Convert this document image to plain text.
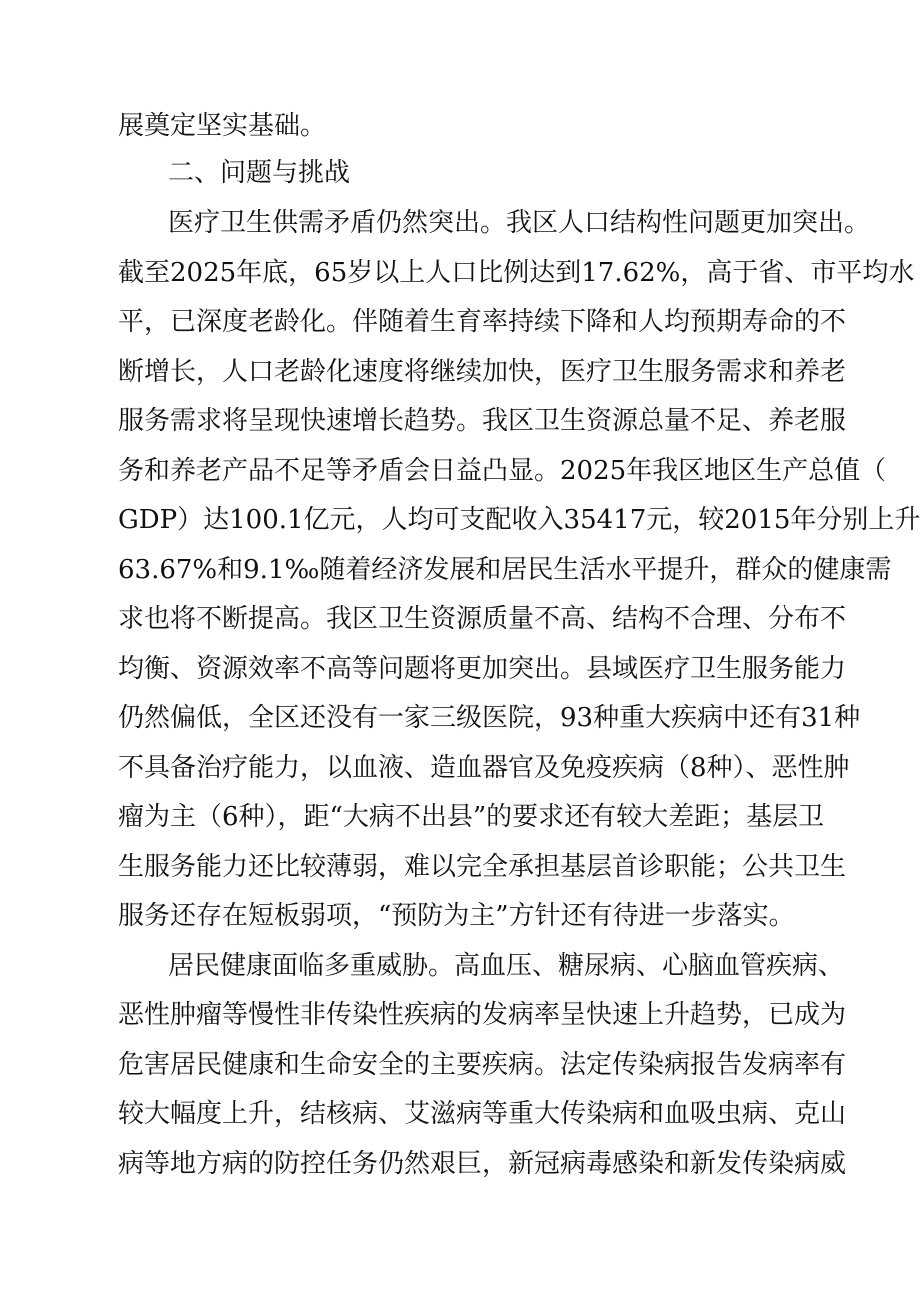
展奠定坚实基础。
二、问题与挑战
医疗卫生供需矛盾仍然突出。我区人口结构性问题更加突出。
截至2025年底，65岁以上人口比例达到17.62%，高于省、市平均水
平，已深度老龄化。伴随着生育率持续下降和人均预期寿命的不
断增长，人口老龄化速度将继续加快，医疗卫生服务需求和养老
服务需求将呈现快速增长趋势。我区卫生资源总量不足、养老服
务和养老产品不足等矛盾会日益凸显。2025年我区地区生产总值（
GDP）达100.1亿元，人均可支配收入35417元，较2015年分别上升
63.67%和9.1‰随着经济发展和居民生活水平提升，群众的健康需
求也将不断提高。我区卫生资源质量不高、结构不合理、分布不
均衡、资源效率不高等问题将更加突出。县域医疗卫生服务能力
仍然偏低，全区还没有一家三级医院，93种重大疾病中还有31种
不具备治疗能力，以血液、造血器官及免疫疾病（8种）、恶性肿
瘤为主（6种），距“大病不出县”的要求还有较大差距；基层卫
生服务能力还比较薄弱，难以完全承担基层首诊职能；公共卫生
服务还存在短板弱项，“预防为主”方针还有待进一步落实。
居民健康面临多重威胁。高血压、糖尿病、心脑血管疾病、
恶性肿瘤等慢性非传染性疾病的发病率呈快速上升趋势，已成为
危害居民健康和生命安全的主要疾病。法定传染病报告发病率有
较大幅度上升，结核病、艾滋病等重大传染病和血吸虫病、克山
病等地方病的防控任务仍然艰巨，新冠病毒感染和新发传染病威
